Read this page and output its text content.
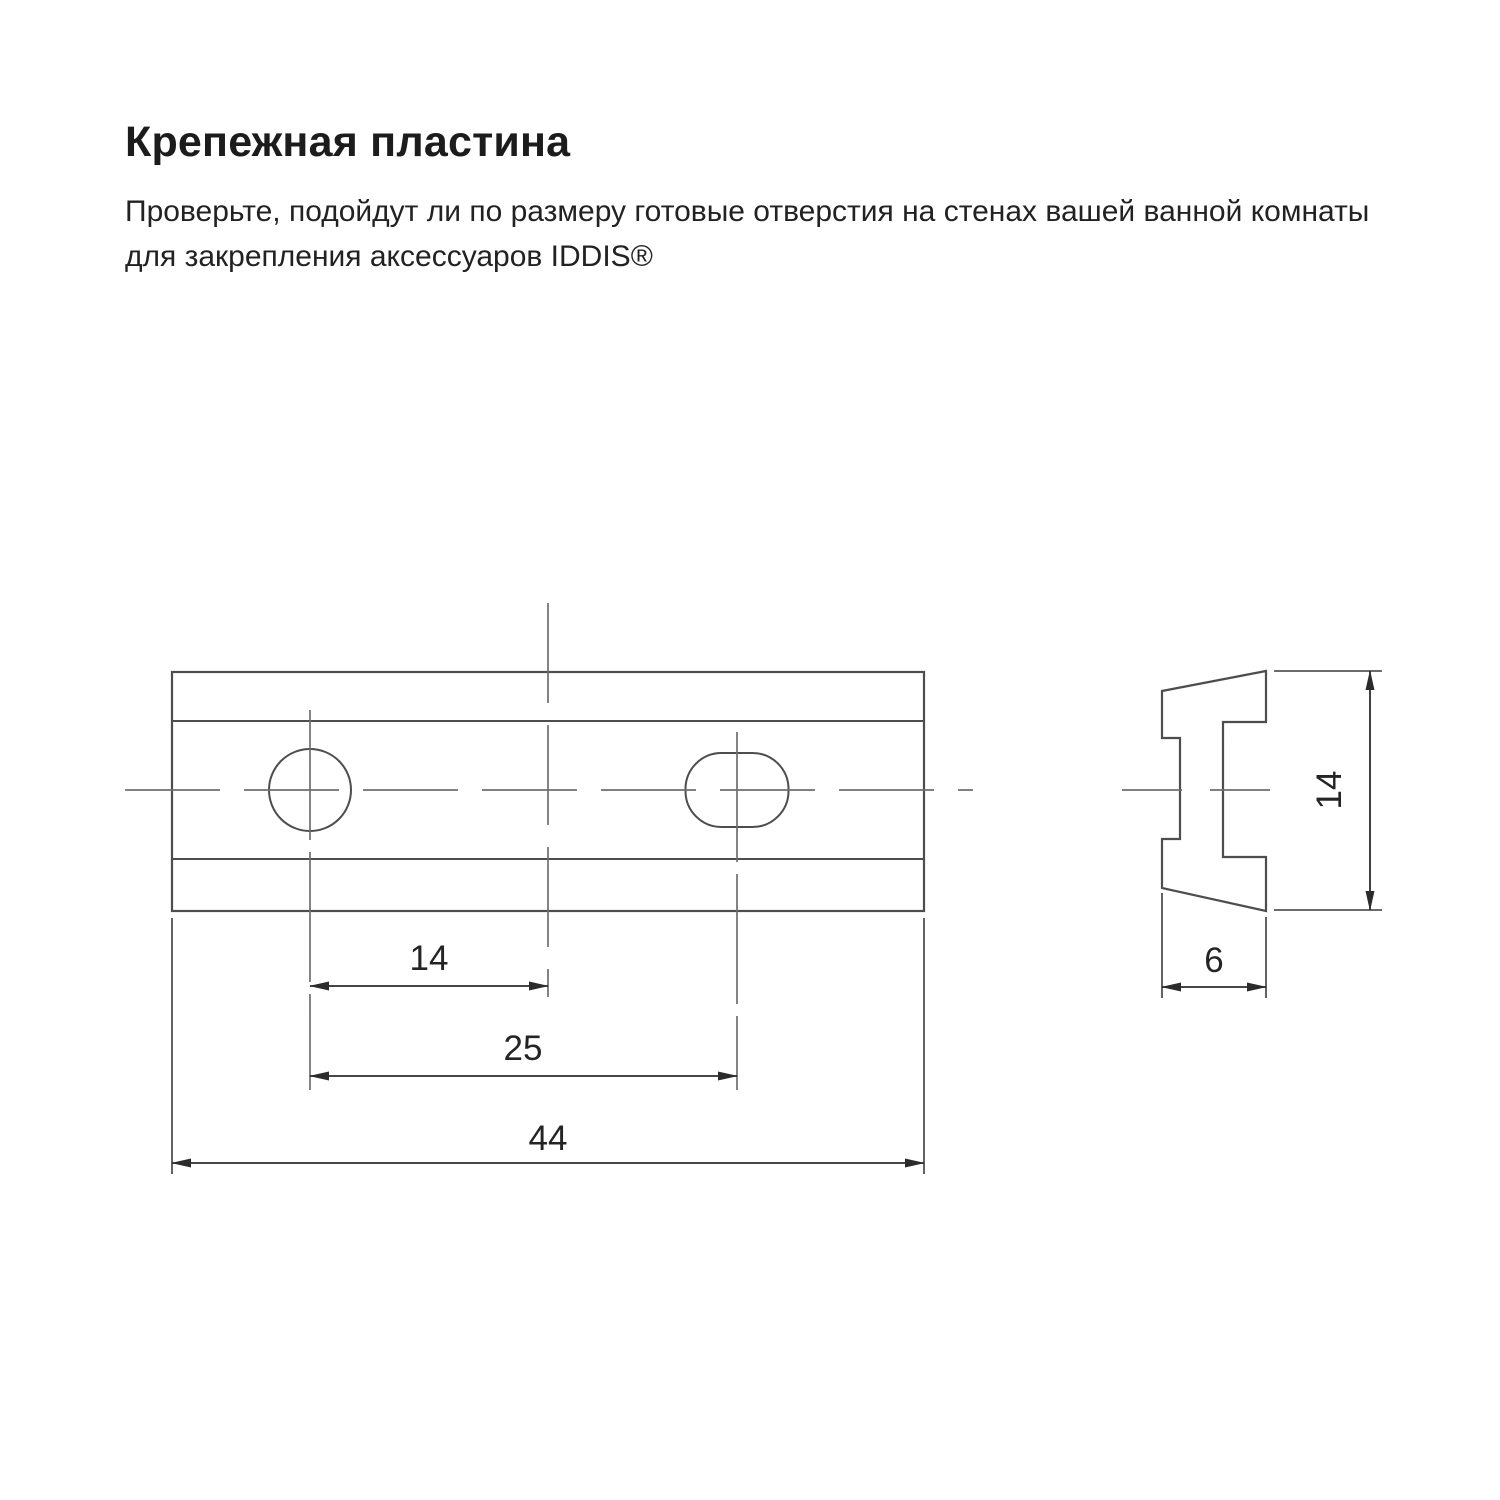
Крепежная пластина

Проверьте, подойдут ли по размеру готовые отверстия на стенах вашей ванной комнаты для закрепления аксессуаров IDDIS®

14
25
44
14
6
